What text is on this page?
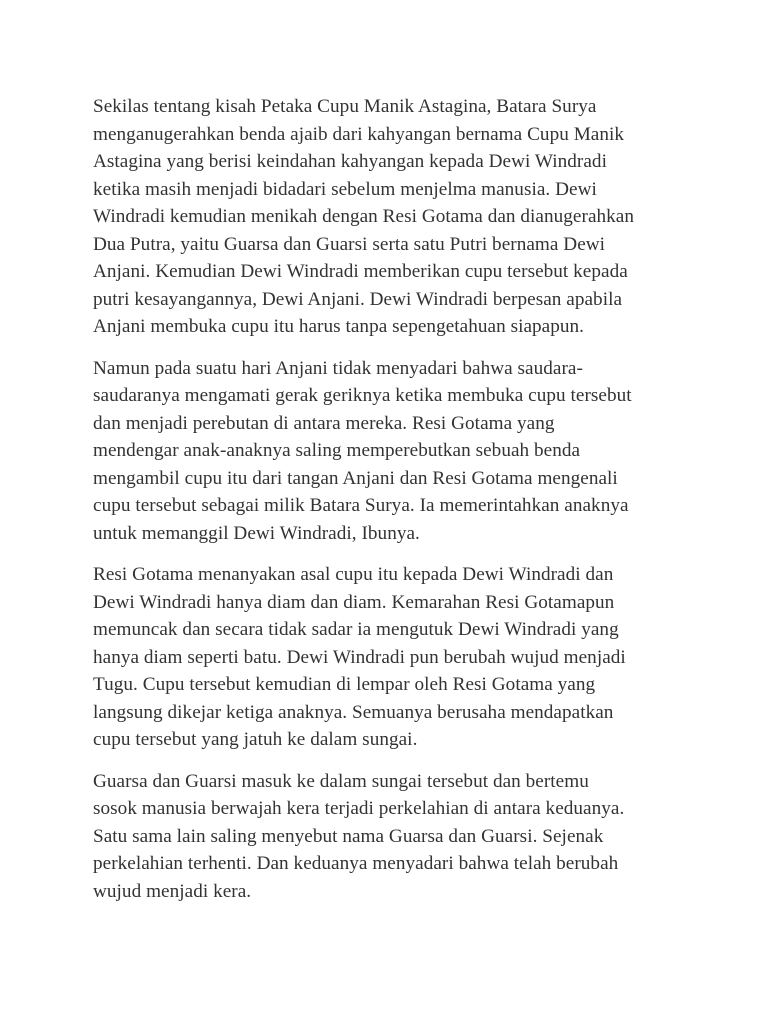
Sekilas tentang kisah Petaka Cupu Manik Astagina, Batara Surya
menganugerahkan benda ajaib dari kahyangan bernama Cupu Manik
Astagina yang berisi keindahan kahyangan kepada Dewi Windradi
ketika masih menjadi bidadari sebelum menjelma manusia. Dewi
Windradi kemudian menikah dengan Resi Gotama dan dianugerahkan
Dua Putra, yaitu Guarsa dan Guarsi serta satu Putri bernama Dewi
Anjani. Kemudian Dewi Windradi memberikan cupu tersebut kepada
putri kesayangannya, Dewi Anjani. Dewi Windradi berpesan apabila
Anjani membuka cupu itu harus tanpa sepengetahuan siapapun.

Namun pada suatu hari Anjani tidak menyadari bahwa saudara-
saudaranya mengamati gerak geriknya ketika membuka cupu tersebut
dan menjadi perebutan di antara mereka. Resi Gotama yang
mendengar anak-anaknya saling memperebutkan sebuah benda
mengambil cupu itu dari tangan Anjani dan Resi Gotama mengenali
cupu tersebut sebagai milik Batara Surya. Ia memerintahkan anaknya
untuk memanggil Dewi Windradi, Ibunya.

Resi Gotama menanyakan asal cupu itu kepada Dewi Windradi dan
Dewi Windradi hanya diam dan diam. Kemarahan Resi Gotamapun
memuncak dan secara tidak sadar ia mengutuk Dewi Windradi yang
hanya diam seperti batu. Dewi Windradi pun berubah wujud menjadi
Tugu. Cupu tersebut kemudian di lempar oleh Resi Gotama yang
langsung dikejar ketiga anaknya. Semuanya berusaha mendapatkan
cupu tersebut yang jatuh ke dalam sungai.

Guarsa dan Guarsi masuk ke dalam sungai tersebut dan bertemu
sosok manusia berwajah kera terjadi perkelahian di antara keduanya.
Satu sama lain saling menyebut nama Guarsa dan Guarsi. Sejenak
perkelahian terhenti. Dan keduanya menyadari bahwa telah berubah
wujud menjadi kera.
